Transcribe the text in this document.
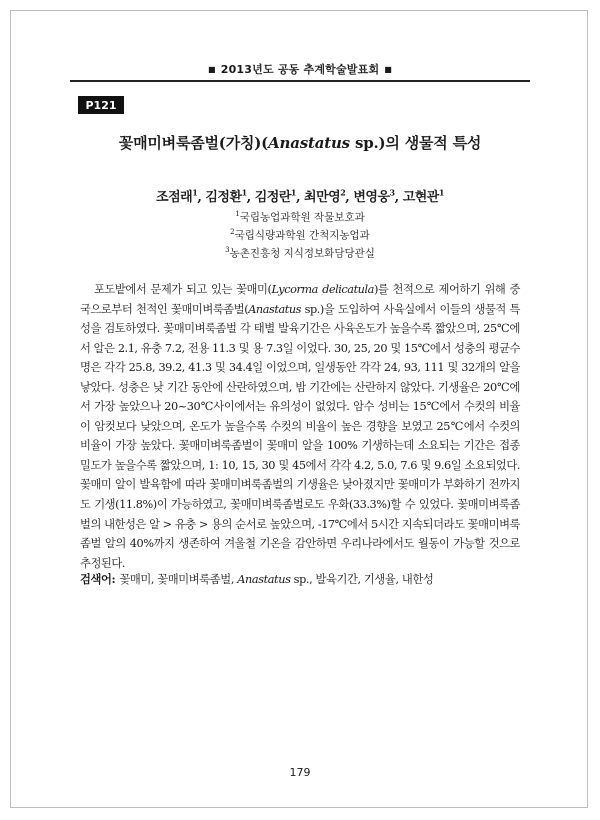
■ 2013년도 공동 추계학술발표회 ■
P121
꽃매미벼룩좀벌(가칭)(Anastatus sp.)의 생물적 특성
조점래$^1$, 김정환$^1$, 김정란$^1$, 최만영$^2$, 변영웅$^3$, 고현관$^1$
$^1$국립농업과학원 작물보호과
$^2$국립식량과학원 간척지농업과
$^3$농촌진흥청 지식정보화담당관실
포도밭에서 문제가 되고 있는 꽃매미(Lycorma delicatula)를 천적으로 제어하기 위해 중국으로부터 천적인 꽃매미벼룩좀벌(Anastatus sp.)을 도입하여 사육실에서 이들의 생물적 특성을 검토하였다. 꽃매미벼룩좀벌 각 태별 발육기간은 사육온도가 높을수록 짧았으며, 25℃에서 알은 2.1, 유충 7.2, 전용 11.3 및 용 7.3일 이었다. 30, 25, 20 및 15℃에서 성충의 평균수명은 각각 25.8, 39.2, 41.3 및 34.4일 이었으며, 일생동안 각각 24, 93, 111 및 32개의 알을 낳았다. 성충은 낮 기간 동안에 산란하였으며, 밤 기간에는 산란하지 않았다. 기생율은 20℃에서 가장 높았으나 20~30℃사이에서는 유의성이 없었다. 암수 성비는 15℃에서 수컷의 비율이 암컷보다 낮았으며, 온도가 높을수록 수컷의 비율이 높은 경향을 보였고 25℃에서 수컷의 비율이 가장 높았다. 꽃매미벼룩좀벌이 꽃매미 알을 100% 기생하는데 소요되는 기간은 접종밀도가 높을수록 짧았으며, 1: 10, 15, 30 및 45에서 각각 4.2, 5.0, 7.6 및 9.6일 소요되었다. 꽃매미 알이 발육함에 따라 꽃매미벼룩좀벌의 기생율은 낮아졌지만 꽃매미가 부화하기 전까지도 기생(11.8%)이 가능하였고, 꽃매미벼룩좀벌로도 우화(33.3%)할 수 있었다. 꽃매미벼룩좀벌의 내한성은 알 > 유충 > 용의 순서로 높았으며, -17℃에서 5시간 지속되더라도 꽃매미벼룩좀벌 알의 40%까지 생존하여 겨울철 기온을 감안하면 우리나라에서도 월동이 가능할 것으로 추정된다.
검색어: 꽃매미, 꽃매미벼룩좀벌, Anastatus sp., 발육기간, 기생율, 내한성
179
